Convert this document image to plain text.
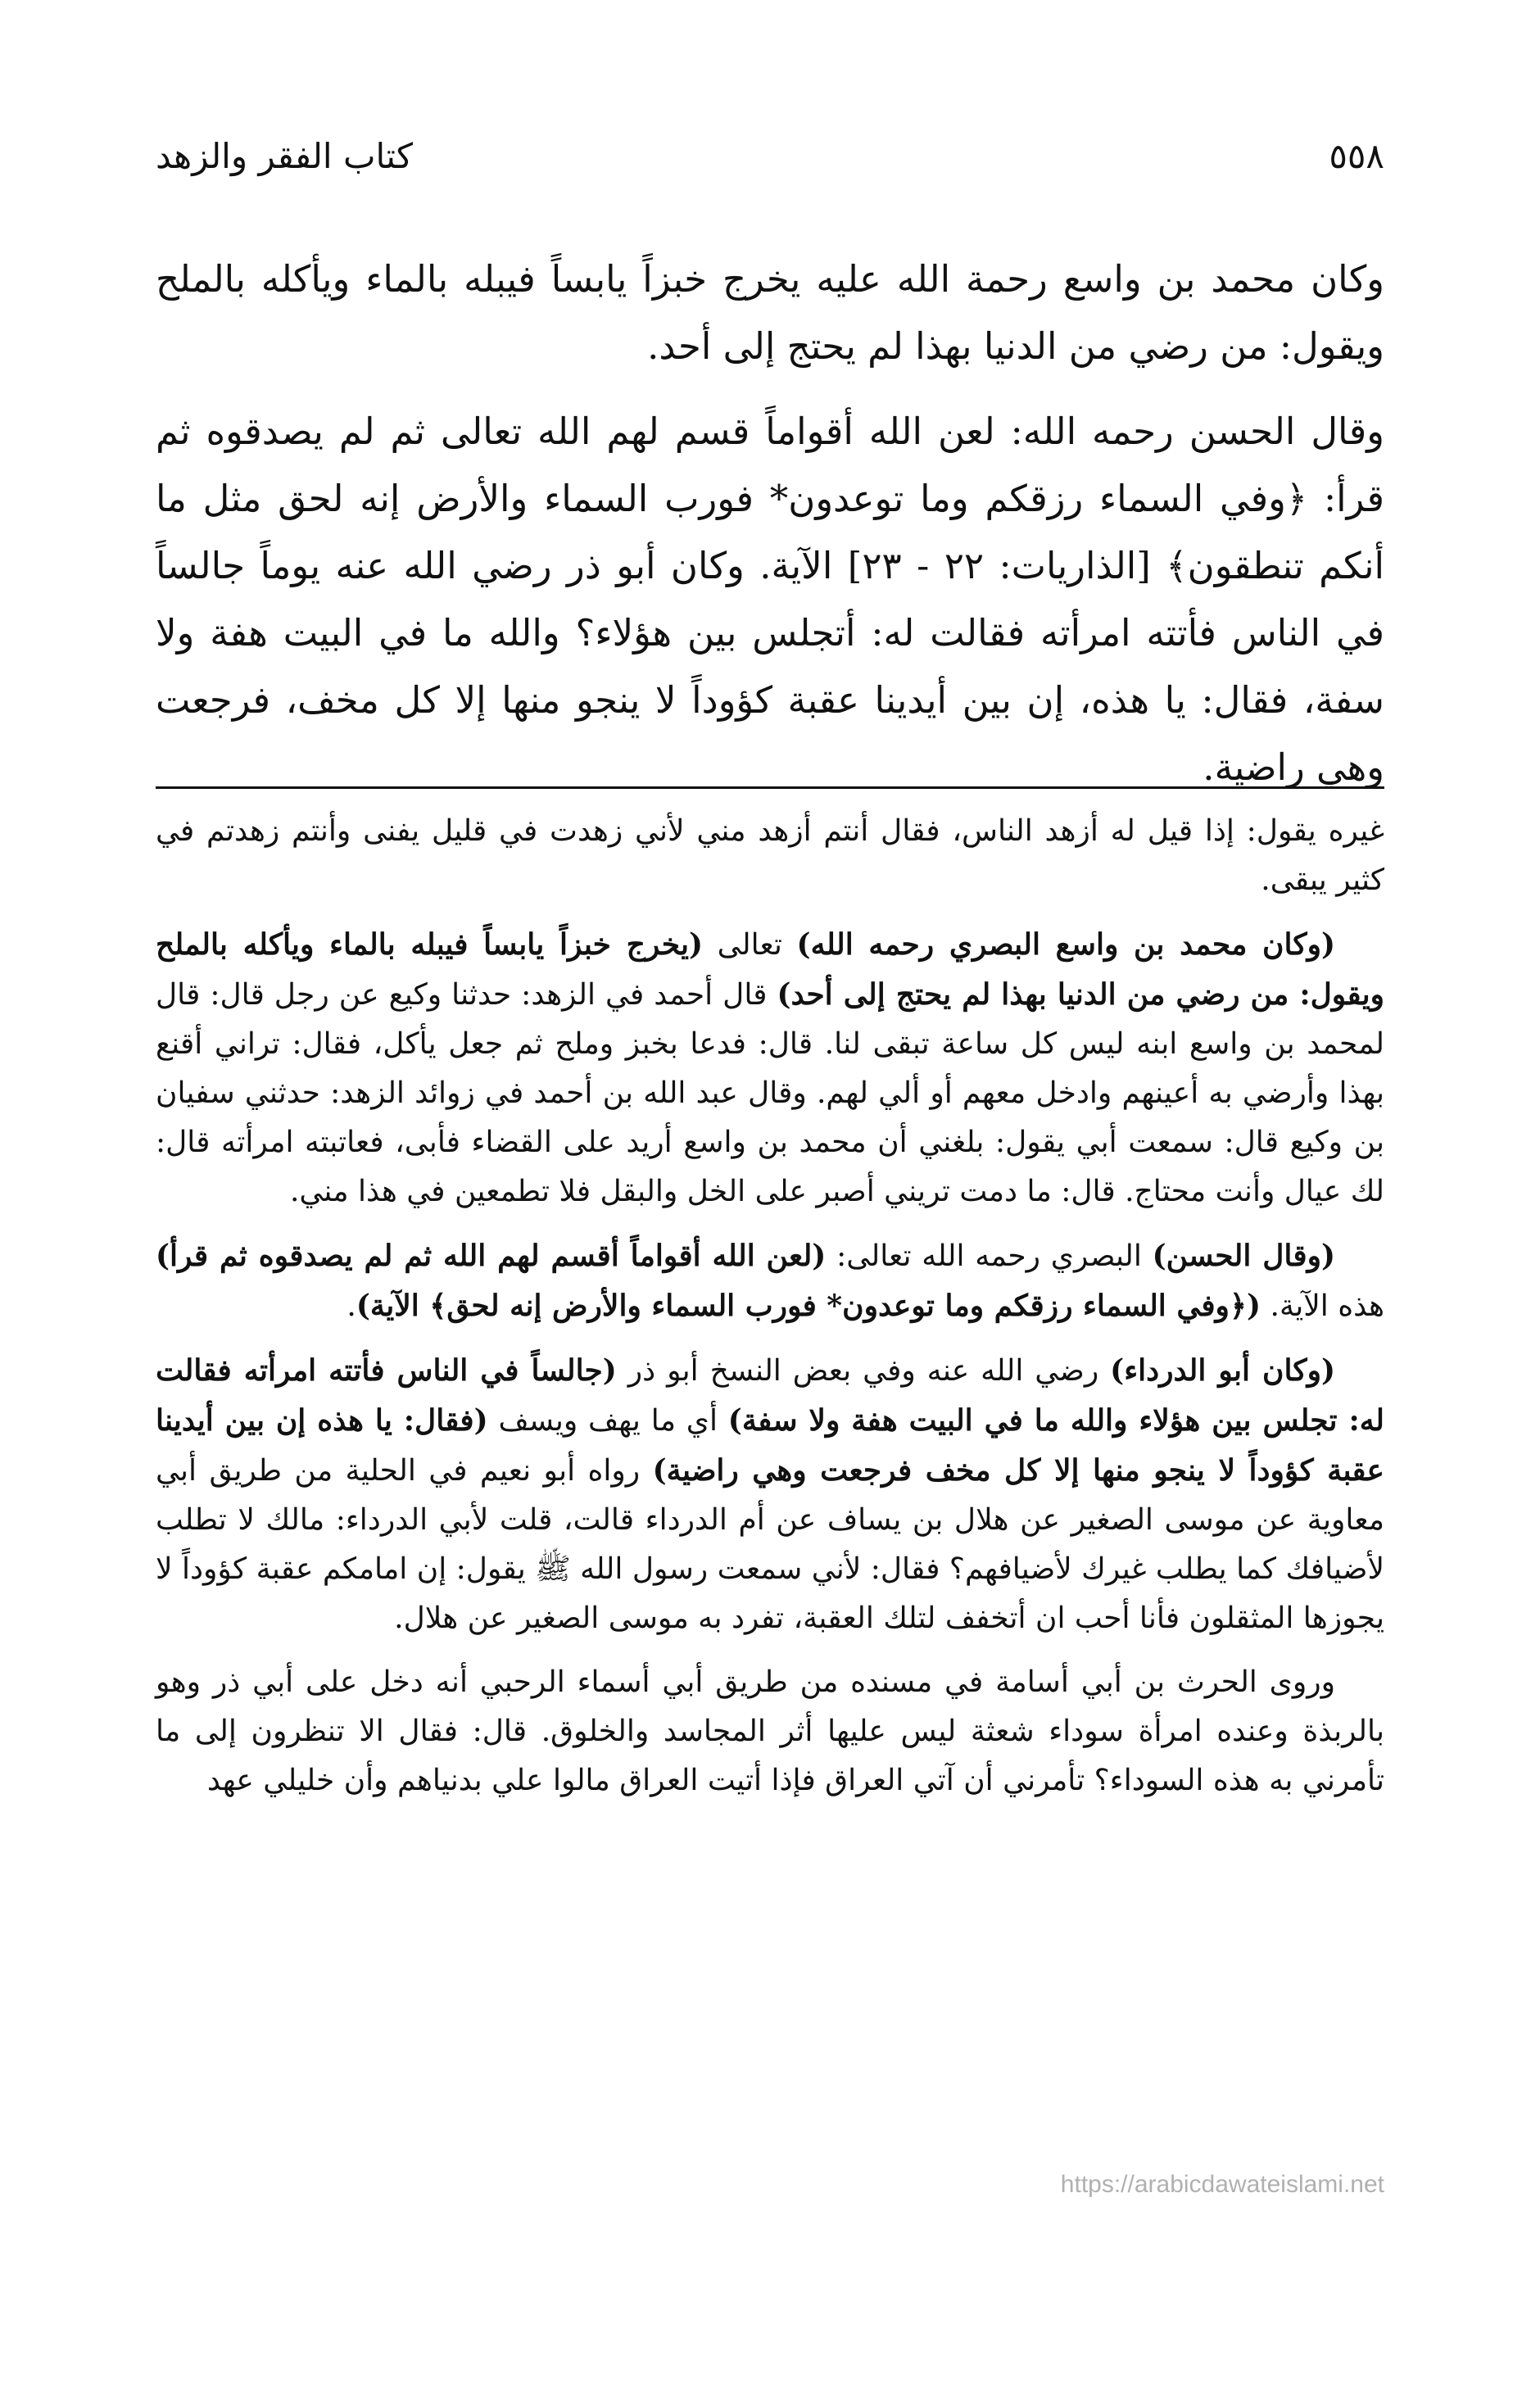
٥٥٨
كتاب الفقر والزهد

وكان محمد بن واسع رحمة الله عليه يخرج خبزاً يابساً فيبله بالماء ويأكله بالملح ويقول: من رضي من الدنيا بهذا لم يحتج إلى أحد.

وقال الحسن رحمه الله: لعن الله أقواماً قسم لهم الله تعالى ثم لم يصدقوه ثم قرأ: ﴿وفي السماء رزقكم وما توعدون* فورب السماء والأرض إنه لحق مثل ما أنكم تنطقون﴾ [الذاريات: ٢٢ - ٢٣] الآية. وكان أبو ذر رضي الله عنه يوماً جالساً في الناس فأتته امرأته فقالت له: أتجلس بين هؤلاء؟ والله ما في البيت هفة ولا سفة، فقال: يا هذه، إن بين أيدينا عقبة كؤوداً لا ينجو منها إلا كل مخف، فرجعت وهي راضية.

غيره يقول: إذا قيل له أزهد الناس، فقال أنتم أزهد مني لأني زهدت في قليل يفنى وأنتم زهدتم في كثير يبقى.

(وكان محمد بن واسع البصري رحمه الله) تعالى (يخرج خبزاً يابساً فيبله بالماء ويأكله بالملح ويقول: من رضي من الدنيا بهذا لم يحتج إلى أحد) قال أحمد في الزهد: حدثنا وكيع عن رجل قال: قال لمحمد بن واسع ابنه ليس كل ساعة تبقى لنا. قال: فدعا بخبز وملح ثم جعل يأكل، فقال: تراني أقنع بهذا وأرضي به أعينهم وادخل معهم أو ألي لهم. وقال عبد الله بن أحمد في زوائد الزهد: حدثني سفيان بن وكيع قال: سمعت أبي يقول: بلغني أن محمد بن واسع أريد على القضاء فأبى، فعاتبته امرأته قال: لك عيال وأنت محتاج. قال: ما دمت تريني أصبر على الخل والبقل فلا تطمعين في هذا مني.

(وقال الحسن) البصري رحمه الله تعالى: (لعن الله أقواماً أقسم لهم الله ثم لم يصدقوه ثم قرأ) هذه الآية. (﴿وفي السماء رزقكم وما توعدون* فورب السماء والأرض إنه لحق﴾ الآية).

(وكان أبو الدرداء) رضي الله عنه وفي بعض النسخ أبو ذر (جالساً في الناس فأتته امرأته فقالت له: تجلس بين هؤلاء والله ما في البيت هفة ولا سفة) أي ما يهف ويسف (فقال: يا هذه إن بين أيدينا عقبة كؤوداً لا ينجو منها إلا كل مخف فرجعت وهي راضية) رواه أبو نعيم في الحلية من طريق أبي معاوية عن موسى الصغير عن هلال بن يساف عن أم الدرداء قالت، قلت لأبي الدرداء: مالك لا تطلب لأضيافك كما يطلب غيرك لأضيافهم؟ فقال: لأني سمعت رسول الله ﷺ يقول: إن امامكم عقبة كؤوداً لا يجوزها المثقلون فأنا أحب ان أتخفف لتلك العقبة، تفرد به موسى الصغير عن هلال.

وروى الحرث بن أبي أسامة في مسنده من طريق أبي أسماء الرحبي أنه دخل على أبي ذر وهو بالربذة وعنده امرأة سوداء شعثة ليس عليها أثر المجاسد والخلوق. قال: فقال الا تنظرون إلى ما تأمرني به هذه السوداء؟ تأمرني أن آتي العراق فإذا أتيت العراق مالوا علي بدنياهم وأن خليلي عهد

https://arabicdawateislami.net
